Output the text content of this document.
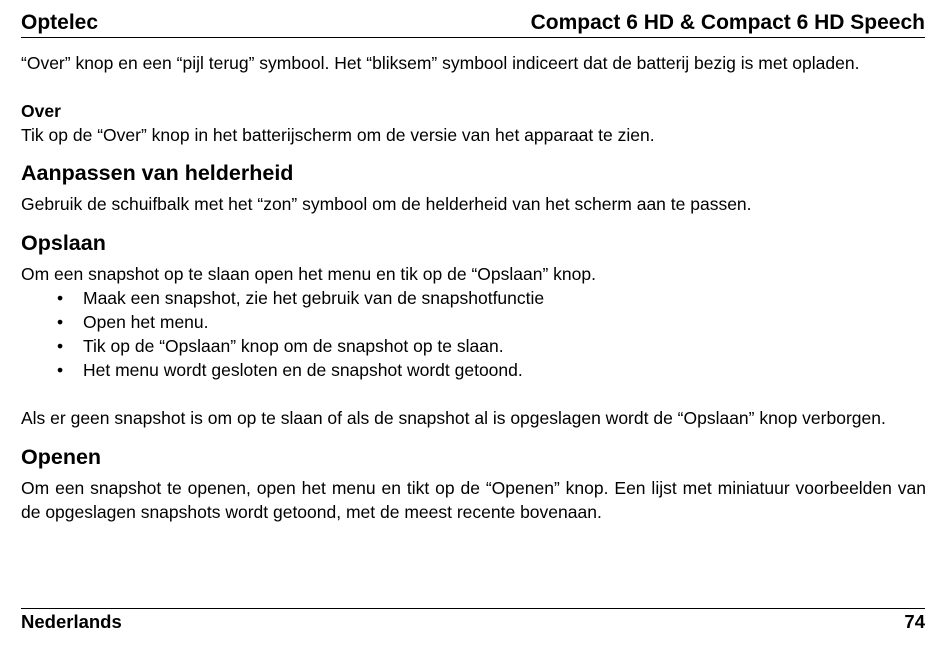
Optelec	Compact 6 HD & Compact 6 HD Speech

“Over” knop en een “pijl terug” symbool. Het “bliksem” symbool indiceert dat de batterij bezig is met opladen.

Over

Tik op de “Over” knop in het batterijscherm om de versie van het apparaat te zien.

Aanpassen van helderheid

Gebruik de schuifbalk met het “zon” symbool om de helderheid van het scherm aan te passen.

Opslaan

Om een snapshot op te slaan open het menu en tik op de “Opslaan” knop.

• Maak een snapshot, zie het gebruik van de snapshotfunctie
• Open het menu.
• Tik op de “Opslaan” knop om de snapshot op te slaan.
• Het menu wordt gesloten en de snapshot wordt getoond.

Als er geen snapshot is om op te slaan of als de snapshot al is opgeslagen wordt de “Opslaan” knop verborgen.

Openen

Om een snapshot te openen, open het menu en tikt op de “Openen” knop. Een lijst met miniatuur voorbeelden van de opgeslagen snapshots wordt getoond, met de meest recente bovenaan.

Nederlands	74
